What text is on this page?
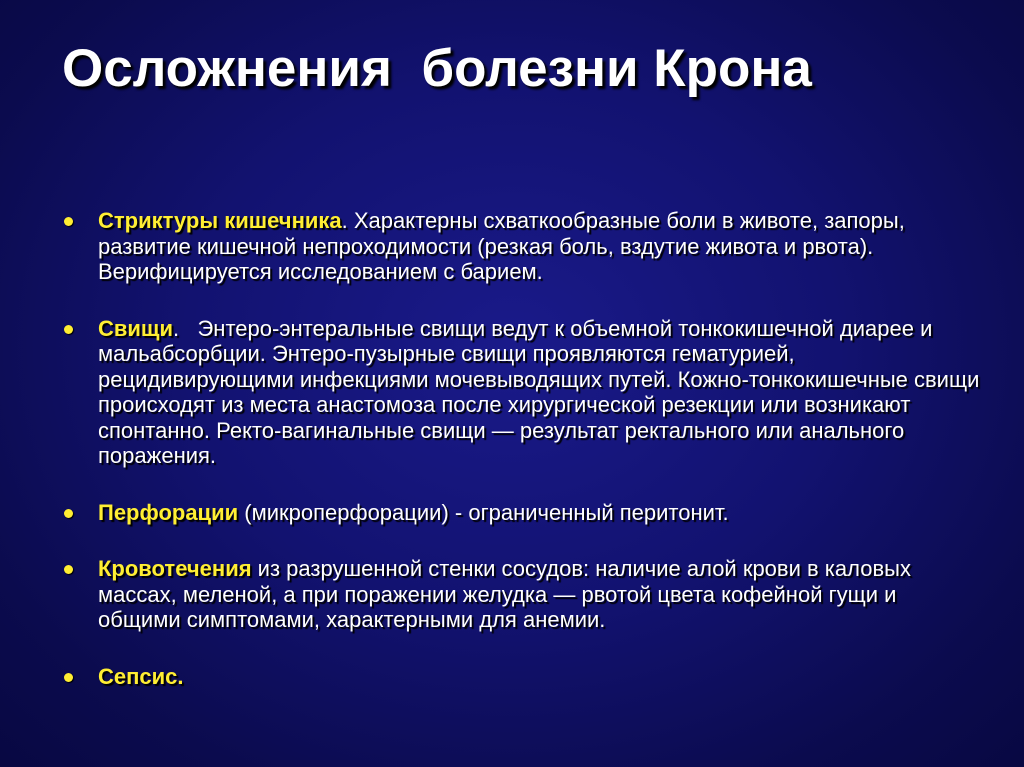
Осложнения  болезни Крона
Стриктуры кишечника. Характерны схваткообразные боли в животе, запоры, развитие кишечной непроходимости (резкая боль, вздутие живота и рвота). Верифицируется исследованием с барием.
Свищи.   Энтеро-энтеральные свищи ведут к объемной тонкокишечной диарее и мальабсорбции. Энтеро-пузырные свищи проявляются гематурией, рецидивирующими инфекциями мочевыводящих путей. Кожно-тонкокишечные свищи происходят из места анастомоза после хирургической резекции или возникают спонтанно. Ректо-вагинальные свищи — результат ректального или анального поражения.
Перфорации (микроперфорации) - ограниченный перитонит.
Кровотечения из разрушенной стенки сосудов: наличие алой крови в каловых массах, меленой, а при поражении желудка — рвотой цвета кофейной гущи и общими симптомами, характерными для анемии.
Сепсис.
